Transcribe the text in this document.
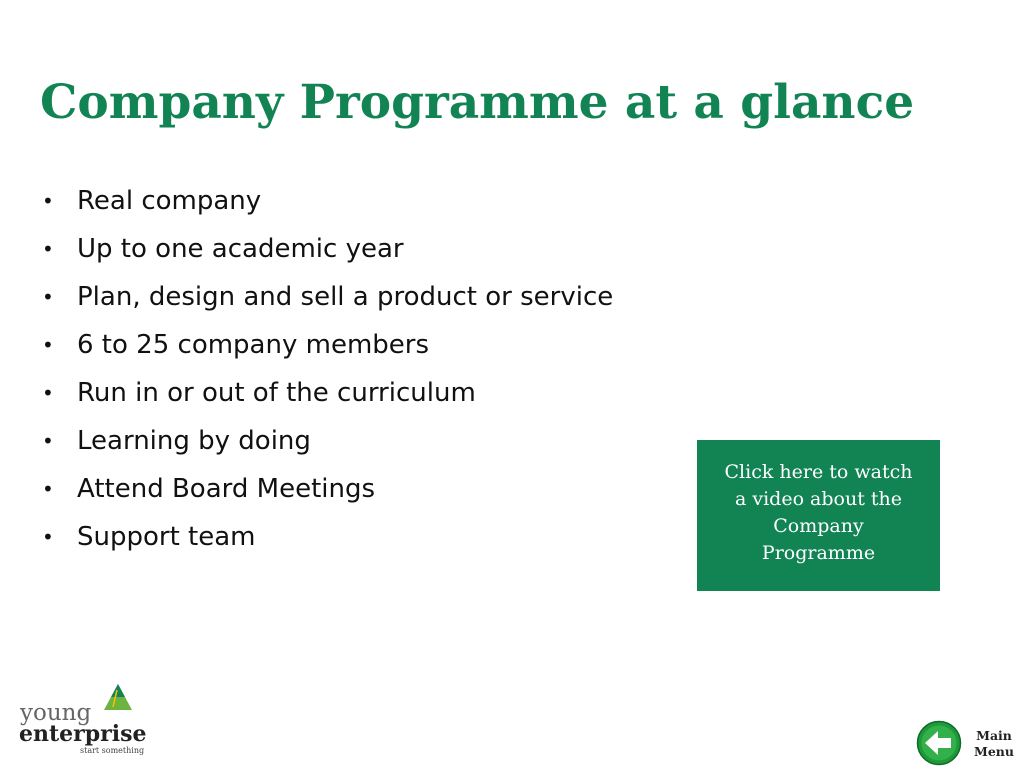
Company Programme at a glance
• Real company
• Up to one academic year
• Plan, design and sell a product or service
• 6 to 25 company members
• Run in or out of the curriculum
• Learning by doing
• Attend Board Meetings
• Support team
Click here to watch a video about the Company Programme
young
enterprise
start something
Main
Menu
